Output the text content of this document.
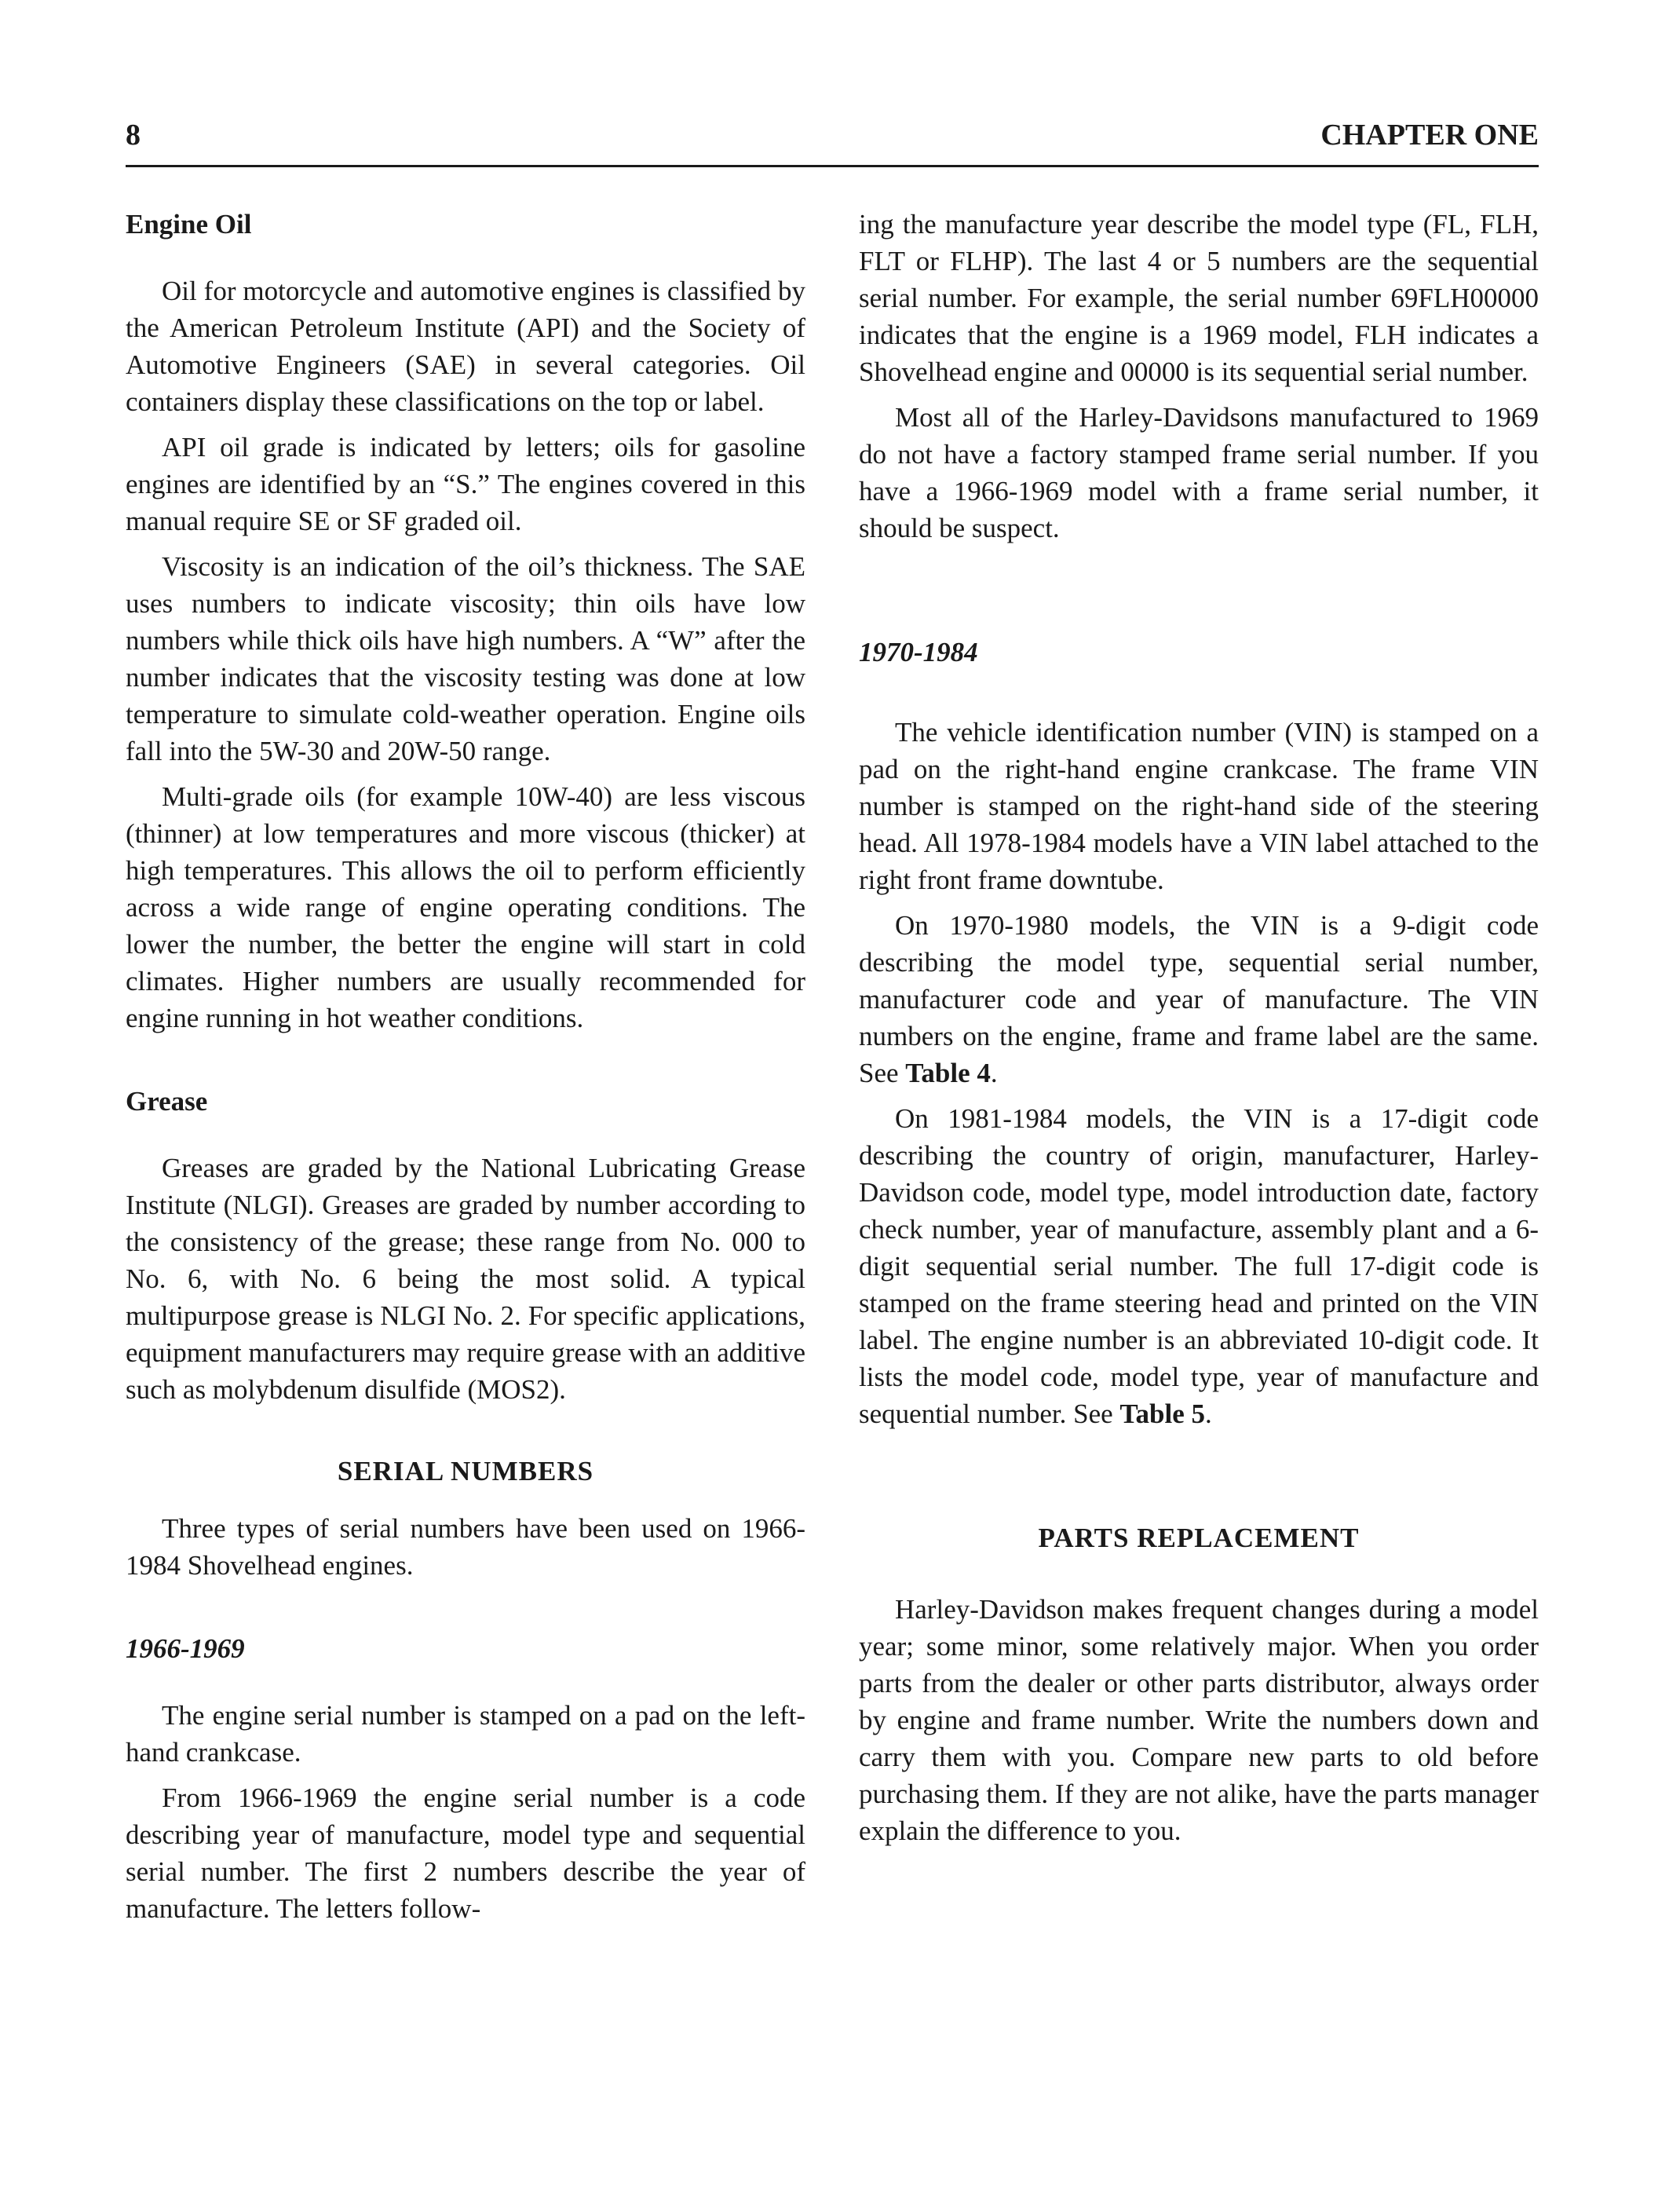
8	CHAPTER ONE
Engine Oil

Oil for motorcycle and automotive engines is classified by the American Petroleum Institute (API) and the Society of Automotive Engineers (SAE) in several categories. Oil containers display these classifications on the top or label.

API oil grade is indicated by letters; oils for gasoline engines are identified by an “S.” The engines covered in this manual require SE or SF graded oil.

Viscosity is an indication of the oil’s thickness. The SAE uses numbers to indicate viscosity; thin oils have low numbers while thick oils have high numbers. A “W” after the number indicates that the viscosity testing was done at low temperature to simulate cold-weather operation. Engine oils fall into the 5W-30 and 20W-50 range.

Multi-grade oils (for example 10W-40) are less viscous (thinner) at low temperatures and more viscous (thicker) at high temperatures. This allows the oil to perform efficiently across a wide range of engine operating conditions. The lower the number, the better the engine will start in cold climates. Higher numbers are usually recommended for engine running in hot weather conditions.

Grease

Greases are graded by the National Lubricating Grease Institute (NLGI). Greases are graded by number according to the consistency of the grease; these range from No. 000 to No. 6, with No. 6 being the most solid. A typical multipurpose grease is NLGI No. 2. For specific applications, equipment manufacturers may require grease with an additive such as molybdenum disulfide (MOS2).

SERIAL NUMBERS

Three types of serial numbers have been used on 1966-1984 Shovelhead engines.

1966-1969

The engine serial number is stamped on a pad on the left-hand crankcase.

From 1966-1969 the engine serial number is a code describing year of manufacture, model type and sequential serial number. The first 2 numbers describe the year of manufacture. The letters follow-

ing the manufacture year describe the model type (FL, FLH, FLT or FLHP). The last 4 or 5 numbers are the sequential serial number. For example, the serial number 69FLH00000 indicates that the engine is a 1969 model, FLH indicates a Shovelhead engine and 00000 is its sequential serial number.

Most all of the Harley-Davidsons manufactured to 1969 do not have a factory stamped frame serial number. If you have a 1966-1969 model with a frame serial number, it should be suspect.

1970-1984

The vehicle identification number (VIN) is stamped on a pad on the right-hand engine crankcase. The frame VIN number is stamped on the right-hand side of the steering head. All 1978-1984 models have a VIN label attached to the right front frame downtube.

On 1970-1980 models, the VIN is a 9-digit code describing the model type, sequential serial number, manufacturer code and year of manufacture. The VIN numbers on the engine, frame and frame label are the same. See Table 4.

On 1981-1984 models, the VIN is a 17-digit code describing the country of origin, manufacturer, Harley-Davidson code, model type, model introduction date, factory check number, year of manufacture, assembly plant and a 6-digit sequential serial number. The full 17-digit code is stamped on the frame steering head and printed on the VIN label. The engine number is an abbreviated 10-digit code. It lists the model code, model type, year of manufacture and sequential number. See Table 5.

PARTS REPLACEMENT

Harley-Davidson makes frequent changes during a model year; some minor, some relatively major. When you order parts from the dealer or other parts distributor, always order by engine and frame number. Write the numbers down and carry them with you. Compare new parts to old before purchasing them. If they are not alike, have the parts manager explain the difference to you.
